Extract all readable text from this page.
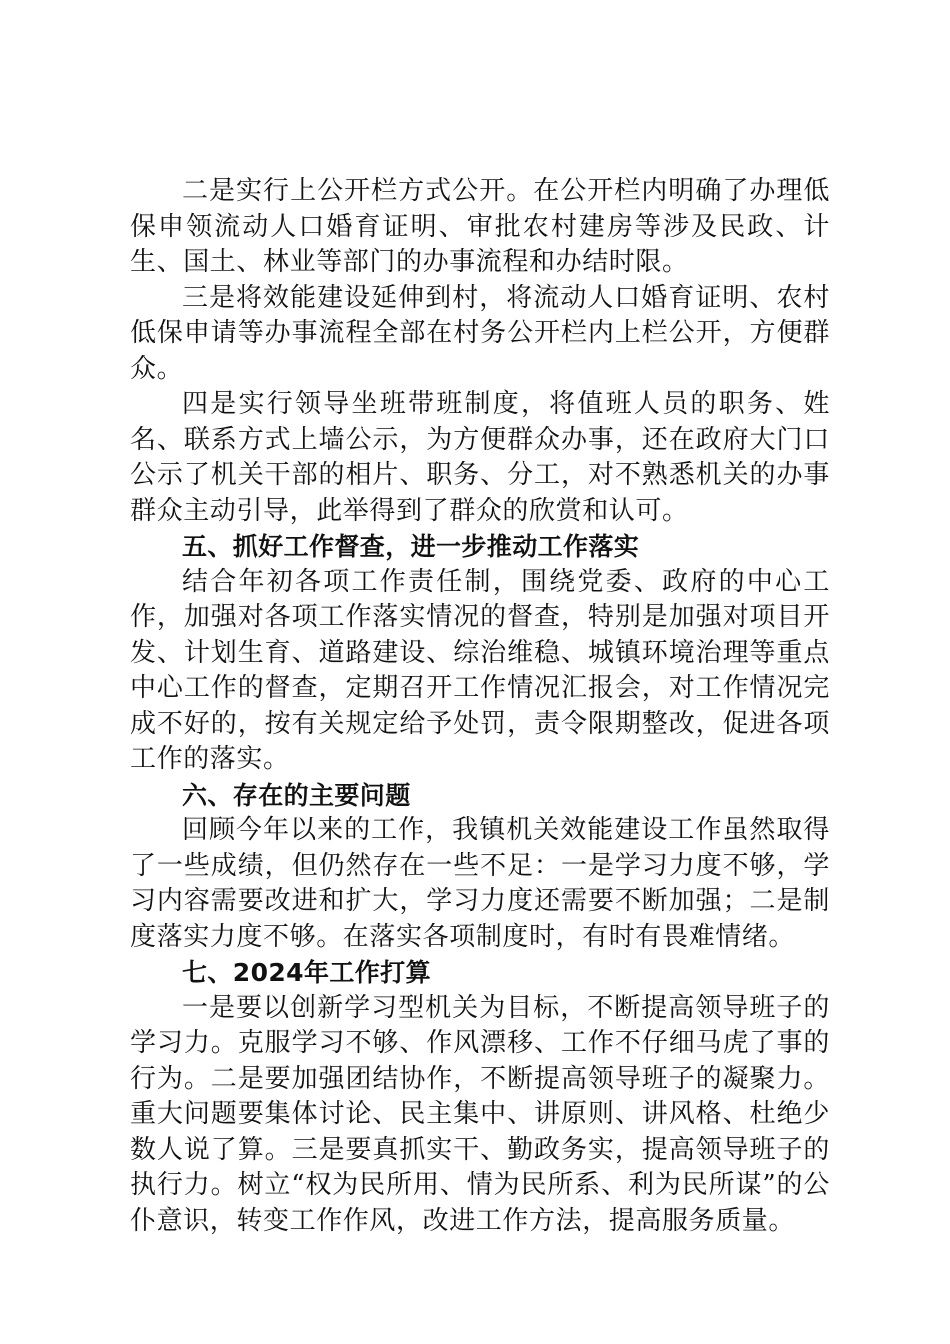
二是实行上公开栏方式公开。在公开栏内明确了办理低保申领流动人口婚育证明、审批农村建房等涉及民政、计生、国土、林业等部门的办事流程和办结时限。

三是将效能建设延伸到村，将流动人口婚育证明、农村低保申请等办事流程全部在村务公开栏内上栏公开，方便群众。

四是实行领导坐班带班制度，将值班人员的职务、姓名、联系方式上墙公示，为方便群众办事，还在政府大门口公示了机关干部的相片、职务、分工，对不熟悉机关的办事群众主动引导，此举得到了群众的欣赏和认可。

五、抓好工作督查，进一步推动工作落实

结合年初各项工作责任制，围绕党委、政府的中心工作，加强对各项工作落实情况的督查，特别是加强对项目开发、计划生育、道路建设、综治维稳、城镇环境治理等重点中心工作的督查，定期召开工作情况汇报会，对工作情况完成不好的，按有关规定给予处罚，责令限期整改，促进各项工作的落实。

六、存在的主要问题

回顾今年以来的工作，我镇机关效能建设工作虽然取得了一些成绩，但仍然存在一些不足：一是学习力度不够，学习内容需要改进和扩大，学习力度还需要不断加强；二是制度落实力度不够。在落实各项制度时，有时有畏难情绪。

七、2024年工作打算

一是要以创新学习型机关为目标，不断提高领导班子的学习力。克服学习不够、作风漂移、工作不仔细马虎了事的行为。二是要加强团结协作，不断提高领导班子的凝聚力。重大问题要集体讨论、民主集中、讲原则、讲风格、杜绝少数人说了算。三是要真抓实干、勤政务实，提高领导班子的执行力。树立“权为民所用、情为民所系、利为民所谋”的公仆意识，转变工作作风，改进工作方法，提高服务质量。
